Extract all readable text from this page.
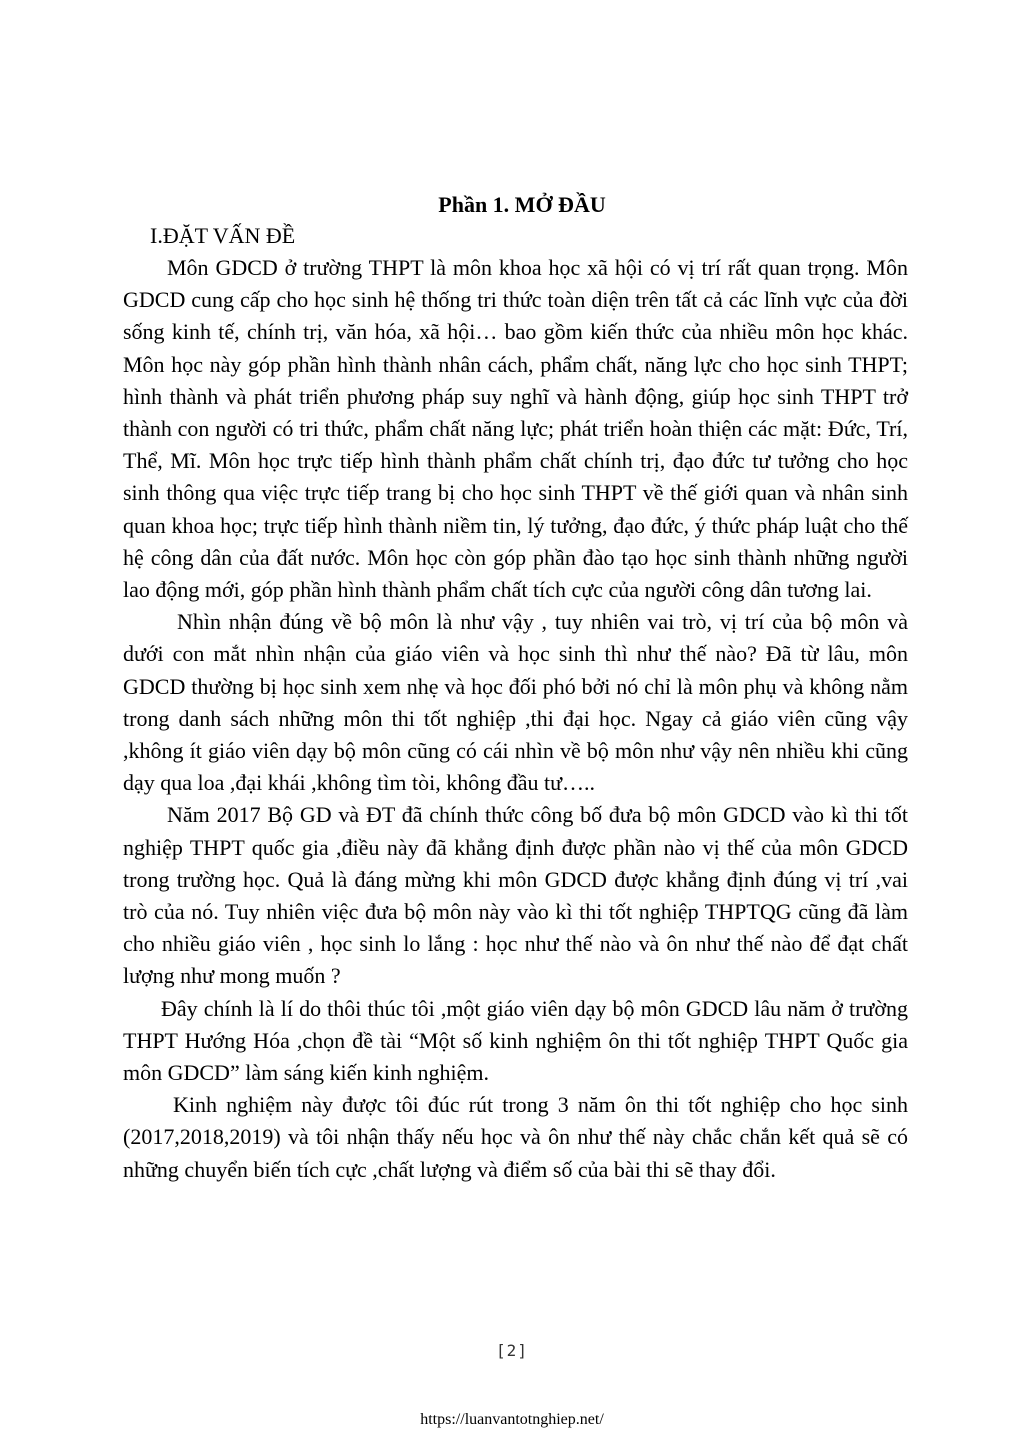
Phần 1. MỞ ĐẦU
I.ĐẶT VẤN ĐỀ

Môn GDCD ở trường THPT là môn khoa học xã hội có vị trí rất quan trọng. Môn GDCD cung cấp cho học sinh hệ thống tri thức toàn diện trên tất cả các lĩnh vực của đời sống kinh tế, chính trị, văn hóa, xã hội… bao gồm kiến thức của nhiều môn học khác. Môn học này góp phần hình thành nhân cách, phẩm chất, năng lực cho học sinh THPT; hình thành và phát triển phương pháp suy nghĩ và hành động, giúp học sinh THPT trở thành con người có tri thức, phẩm chất năng lực; phát triển hoàn thiện các mặt: Đức, Trí, Thể, Mĩ. Môn học trực tiếp hình thành phẩm chất chính trị, đạo đức tư tưởng cho học sinh thông qua việc trực tiếp trang bị cho học sinh THPT về thế giới quan và nhân sinh quan khoa học; trực tiếp hình thành niềm tin, lý tưởng, đạo đức, ý thức pháp luật cho thế hệ công dân của đất nước. Môn học còn góp phần đào tạo học sinh thành những người lao động mới, góp phần hình thành phẩm chất tích cực của người công dân tương lai.

Nhìn nhận đúng về bộ môn là như vậy , tuy nhiên vai trò, vị trí của bộ môn và dưới con mắt nhìn nhận của giáo viên và học sinh thì như thế nào? Đã từ lâu, môn GDCD thường bị học sinh xem nhẹ và học đối phó bởi nó chỉ là môn phụ và không nằm trong danh sách những môn thi tốt nghiệp ,thi đại học. Ngay cả giáo viên cũng vậy ,không ít giáo viên dạy bộ môn cũng có cái nhìn về bộ môn như vậy nên nhiều khi cũng dạy qua loa ,đại khái ,không tìm tòi, không đầu tư…..

Năm 2017 Bộ GD và ĐT đã chính thức công bố đưa bộ môn GDCD vào kì thi tốt nghiệp THPT quốc gia ,điều này đã khẳng định được phần nào vị thế của môn GDCD trong trường học. Quả là đáng mừng khi môn GDCD được khẳng định đúng vị trí ,vai trò của nó. Tuy nhiên việc đưa bộ môn này vào kì thi tốt nghiệp THPTQG cũng đã làm cho nhiều giáo viên , học sinh lo lắng : học như thế nào và ôn như thế nào để đạt chất lượng như mong muốn ?

Đây chính là lí do thôi thúc tôi ,một giáo viên dạy bộ môn GDCD lâu năm ở trường THPT Hướng Hóa ,chọn đề tài “Một số kinh nghiệm ôn thi tốt nghiệp THPT Quốc gia môn GDCD” làm sáng kiến kinh nghiệm.

Kinh nghiệm này được tôi đúc rút trong 3 năm ôn thi tốt nghiệp cho học sinh (2017,2018,2019) và tôi nhận thấy nếu học và ôn như thế này chắc chắn kết quả sẽ có những chuyển biến tích cực ,chất lượng và điểm số của bài thi sẽ thay đổi.

[2]
https://luanvantotnghiep.net/
